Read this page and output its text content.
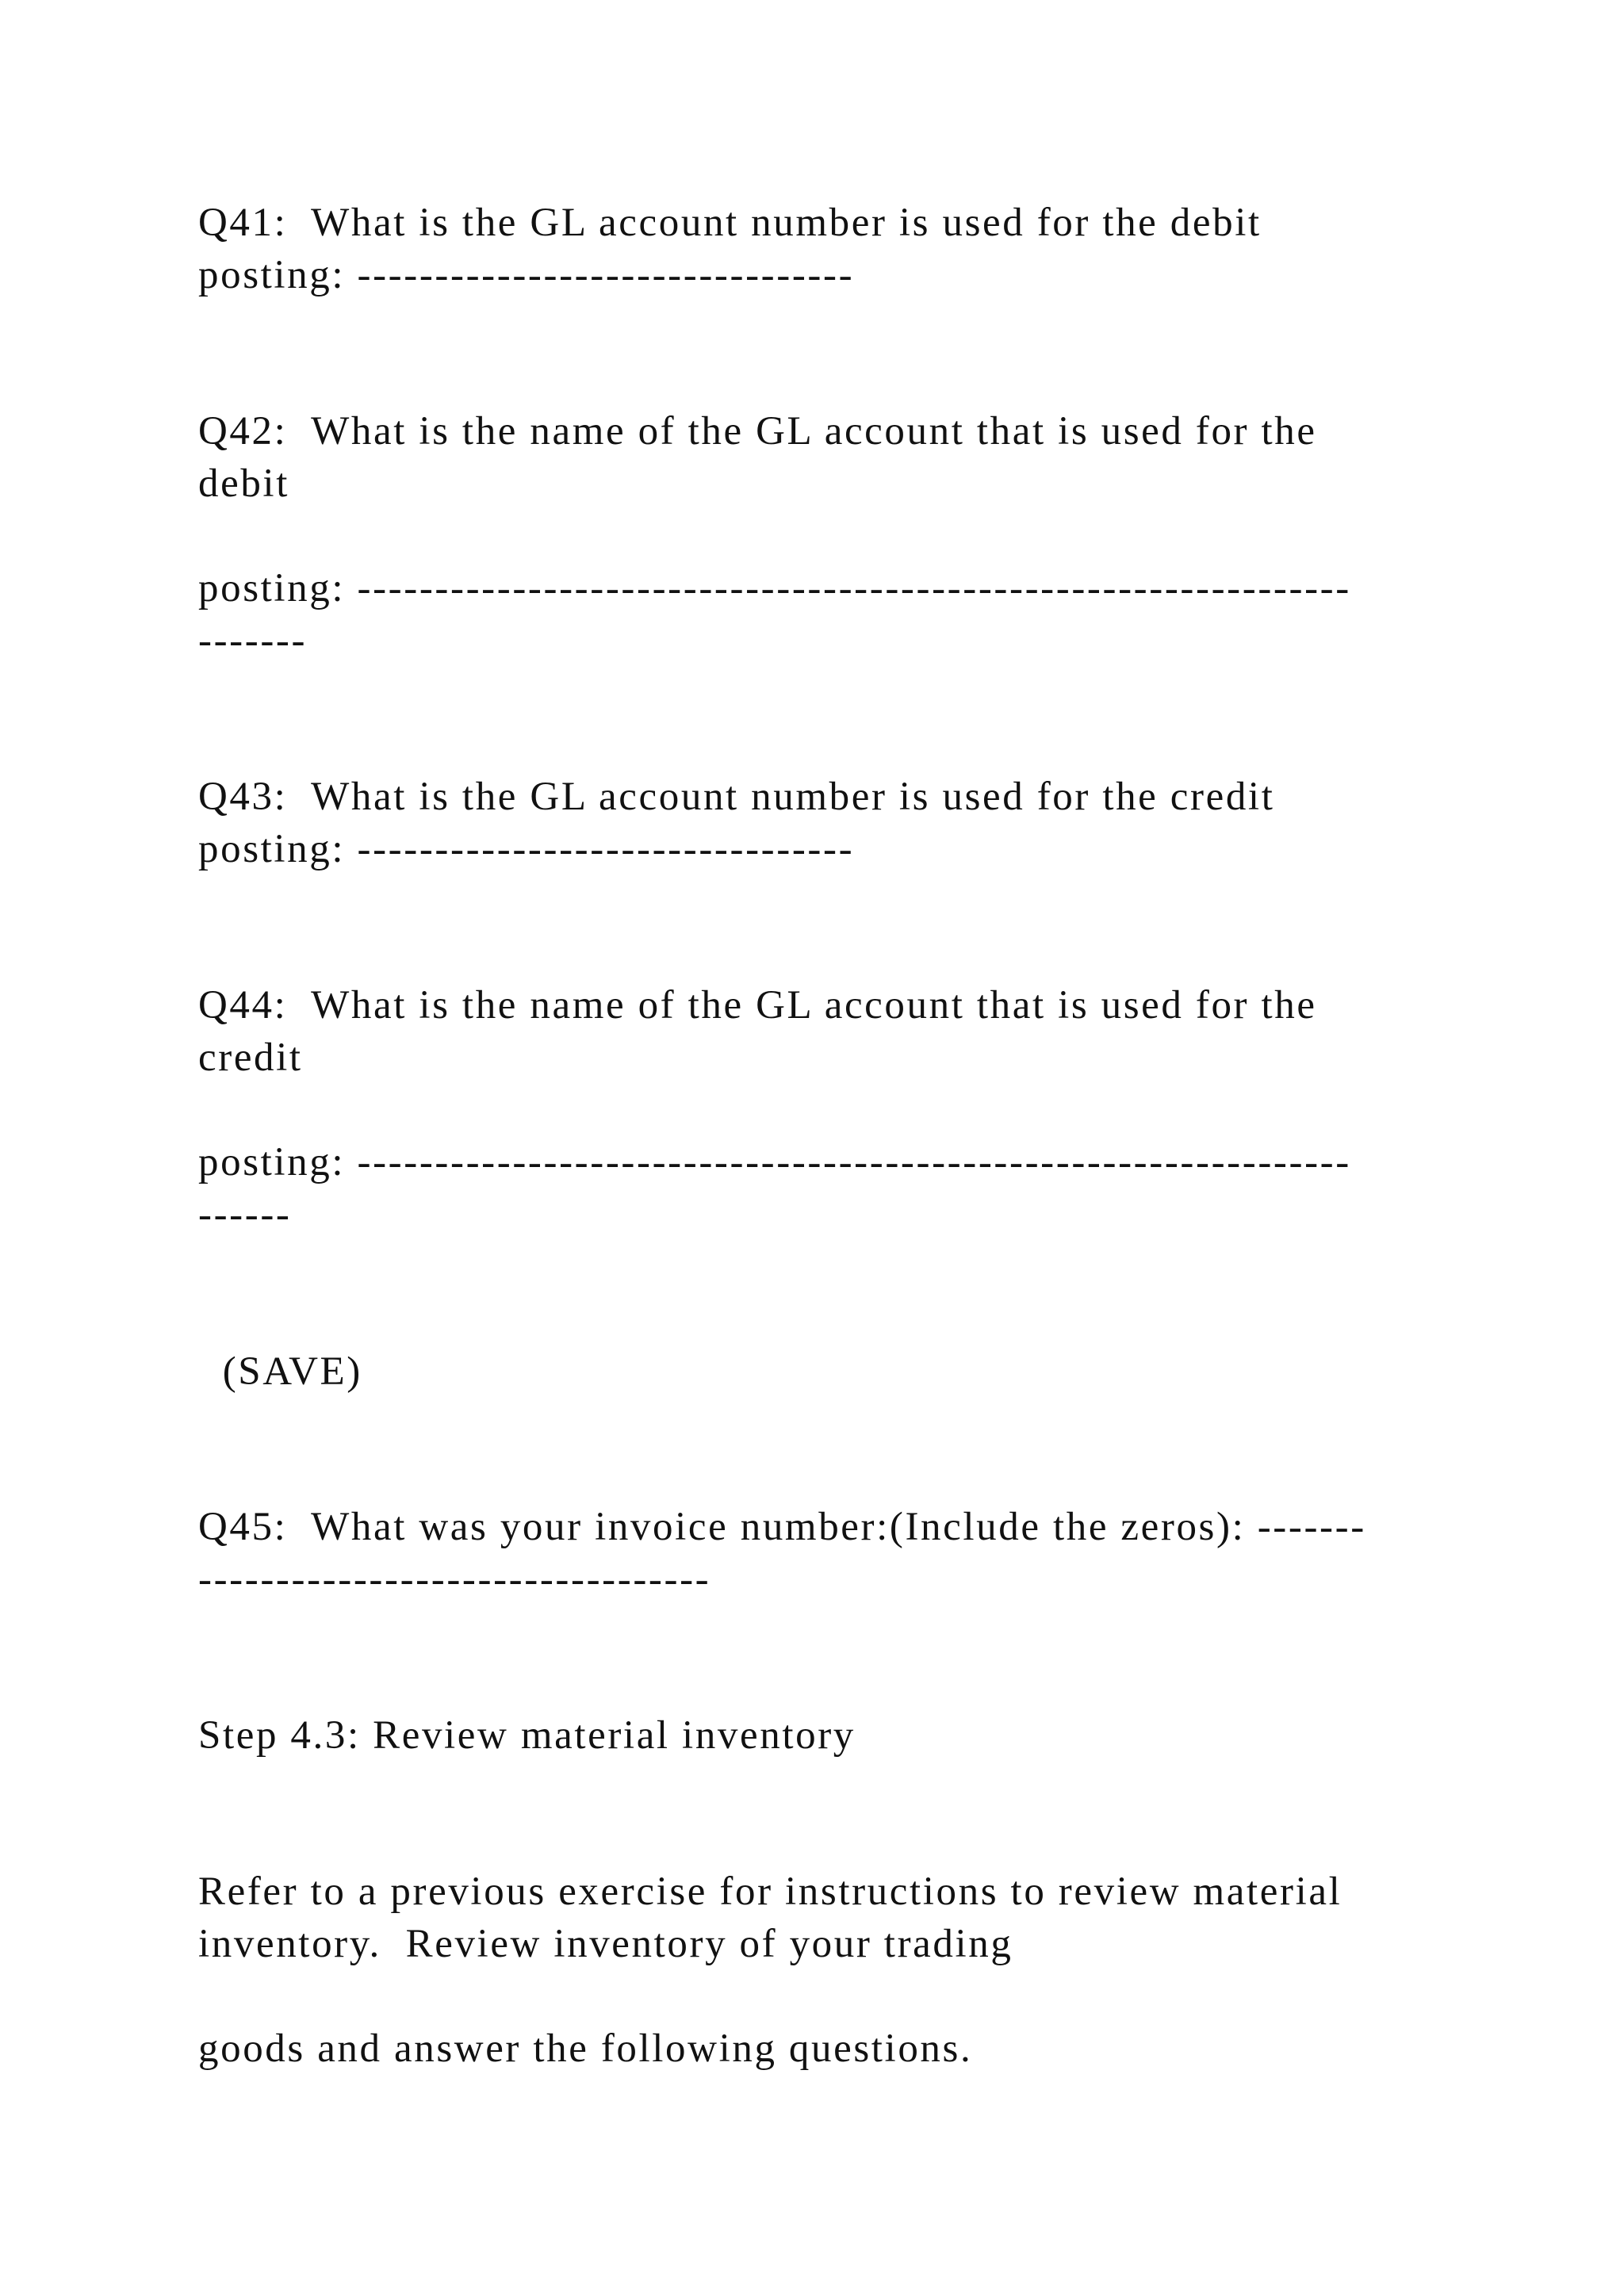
Q41:  What is the GL account number is used for the debit

posting: --------------------------------

Q42:  What is the name of the GL account that is used for the

debit

posting: ----------------------------------------------------------------

-------

Q43:  What is the GL account number is used for the credit

posting: --------------------------------

Q44:  What is the name of the GL account that is used for the

credit

posting: ----------------------------------------------------------------

------

(SAVE)

Q45:  What was your invoice number:(Include the zeros): -------

---------------------------------

Step 4.3: Review material inventory

Refer to a previous exercise for instructions to review material

inventory.  Review inventory of your trading

goods and answer the following questions.
